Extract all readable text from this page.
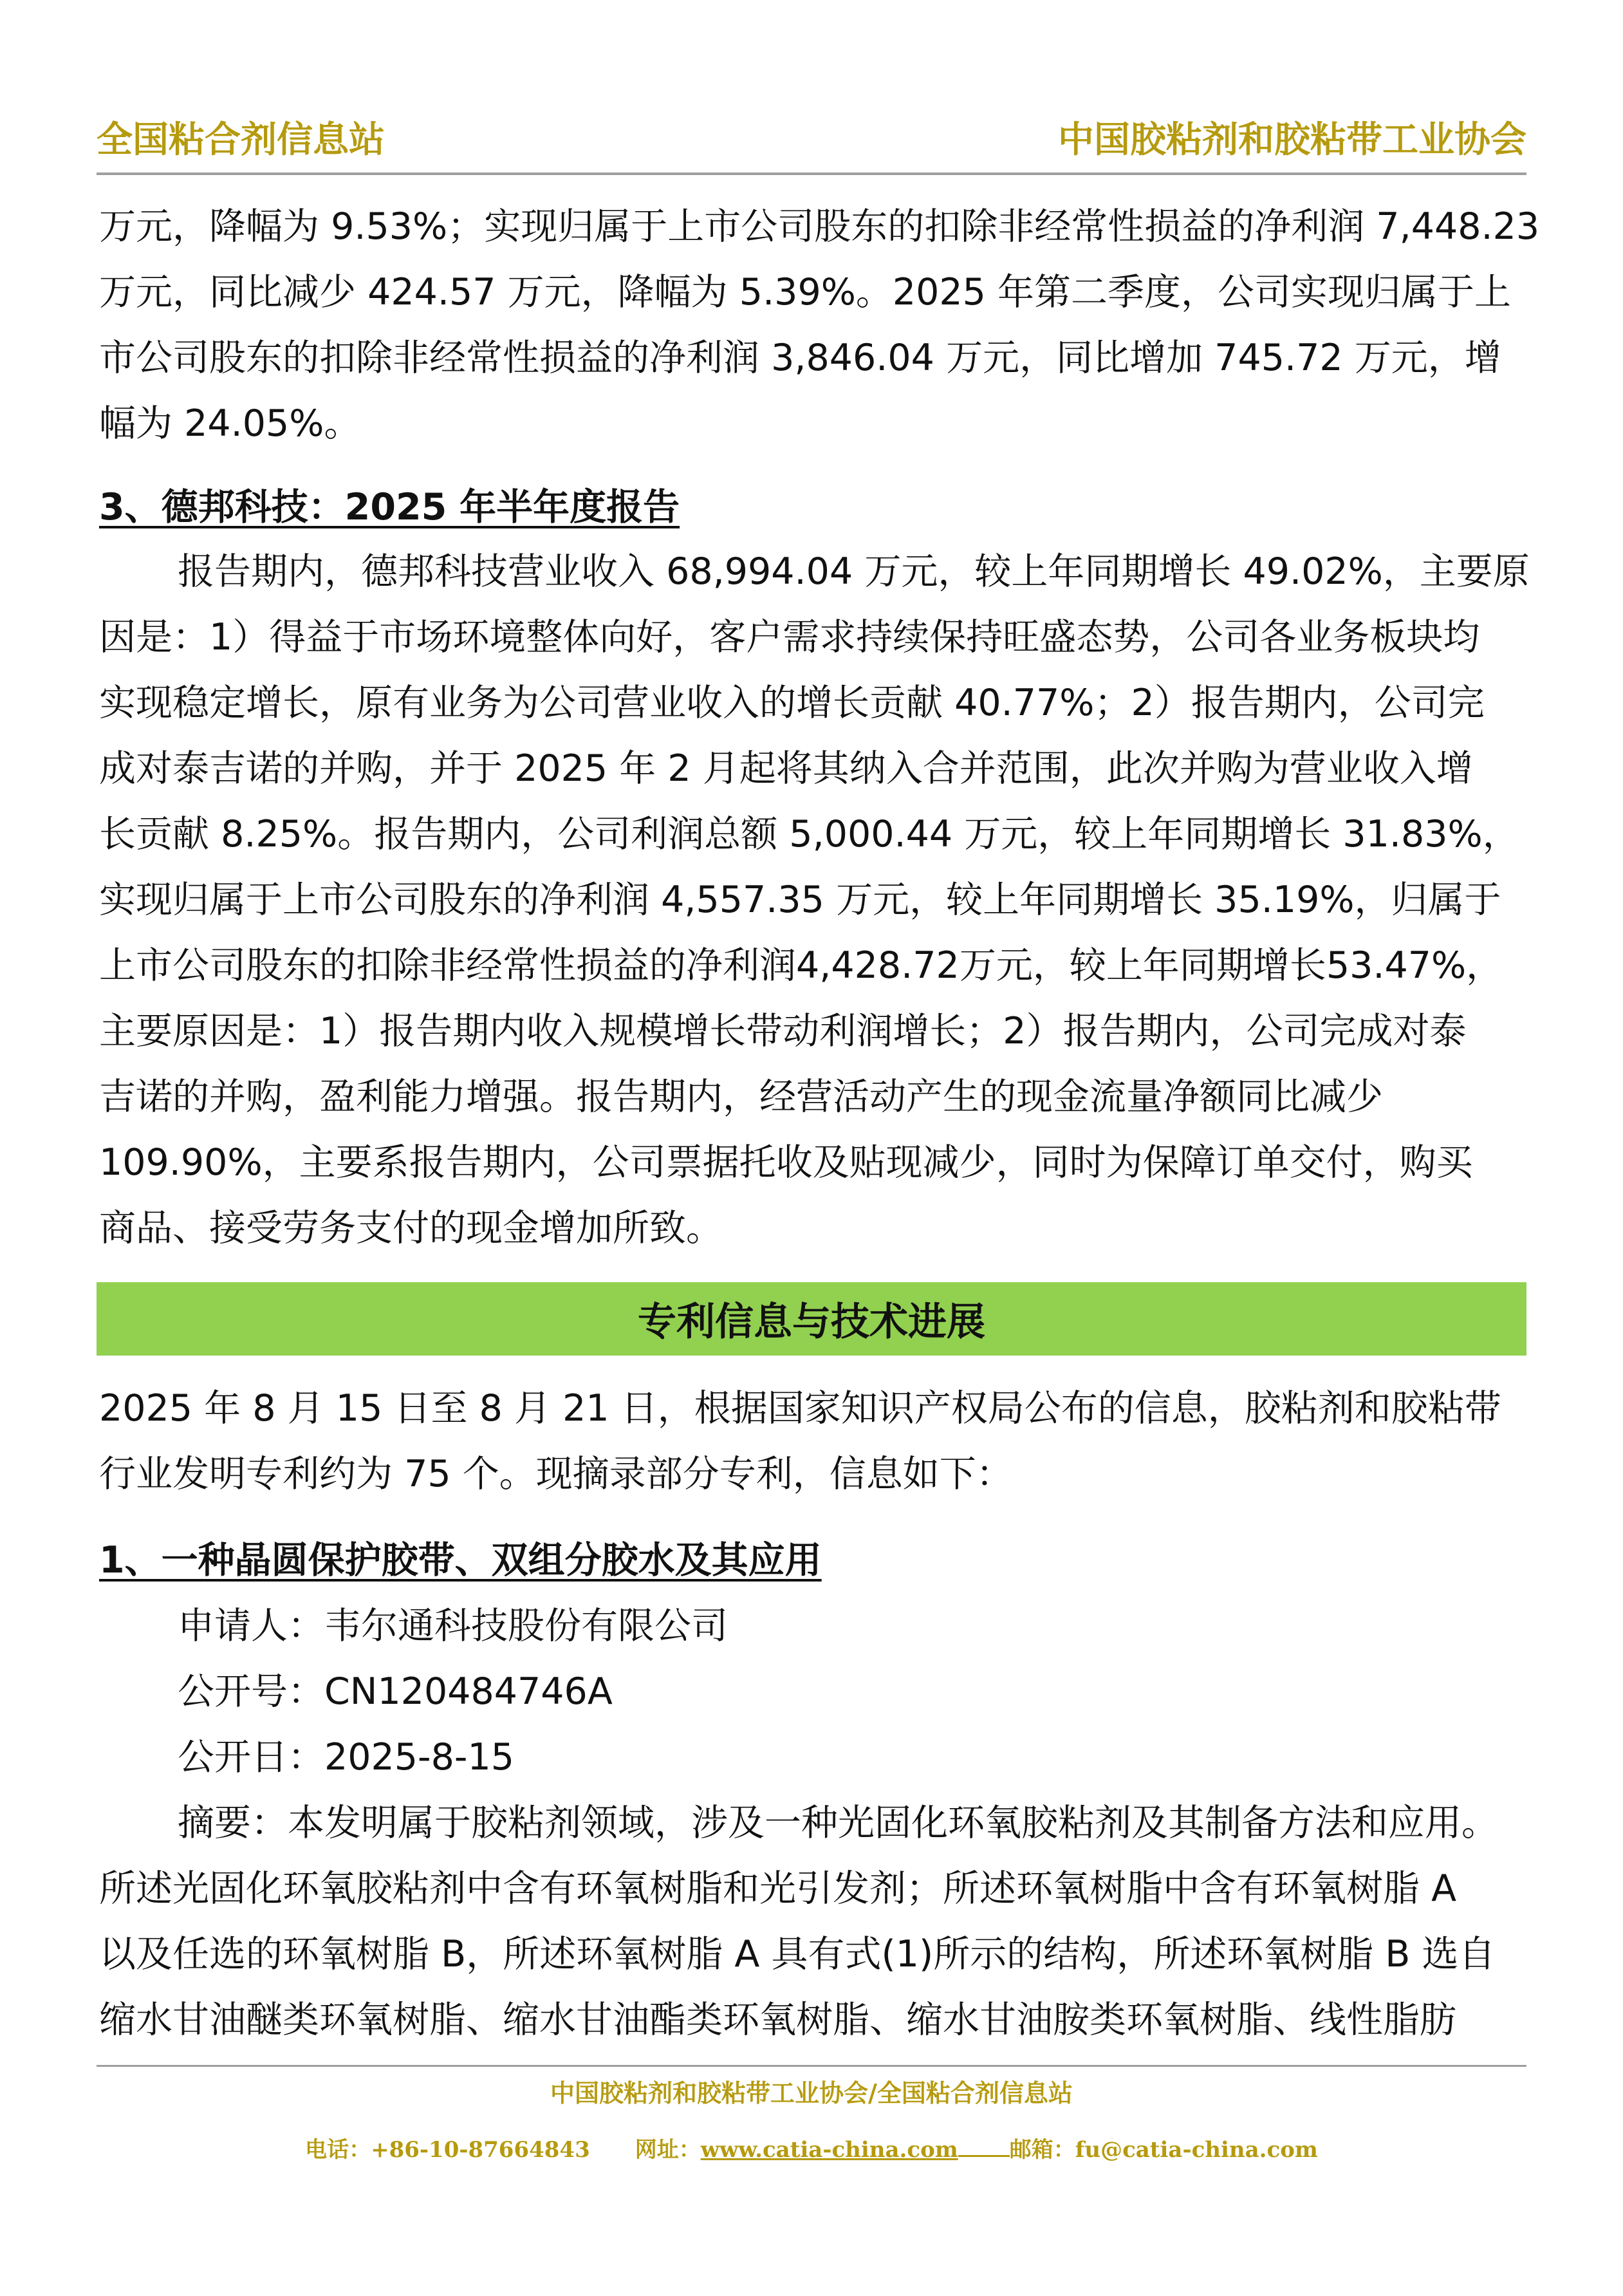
全国粘合剂信息站	中国胶粘剂和胶粘带工业协会
万元，降幅为 9.53%；实现归属于上市公司股东的扣除非经常性损益的净利润 7,448.23
万元，同比减少 424.57 万元，降幅为 5.39%。2025 年第二季度，公司实现归属于上
市公司股东的扣除非经常性损益的净利润 3,846.04 万元，同比增加 745.72 万元，增
幅为 24.05%。
3、德邦科技：2025 年半年度报告
报告期内，德邦科技营业收入 68,994.04 万元，较上年同期增长 49.02%，主要原
因是：1）得益于市场环境整体向好，客户需求持续保持旺盛态势，公司各业务板块均
实现稳定增长，原有业务为公司营业收入的增长贡献 40.77%；2）报告期内，公司完
成对泰吉诺的并购，并于 2025 年 2 月起将其纳入合并范围，此次并购为营业收入增
长贡献 8.25%。报告期内，公司利润总额 5,000.44 万元，较上年同期增长 31.83%，
实现归属于上市公司股东的净利润 4,557.35 万元，较上年同期增长 35.19%，归属于
上市公司股东的扣除非经常性损益的净利润4,428.72万元，较上年同期增长53.47%，
主要原因是：1）报告期内收入规模增长带动利润增长；2）报告期内，公司完成对泰
吉诺的并购，盈利能力增强。报告期内，经营活动产生的现金流量净额同比减少
109.90%，主要系报告期内，公司票据托收及贴现减少，同时为保障订单交付，购买
商品、接受劳务支付的现金增加所致。
专利信息与技术进展
2025 年 8 月 15 日至 8 月 21 日，根据国家知识产权局公布的信息，胶粘剂和胶粘带
行业发明专利约为 75 个。现摘录部分专利，信息如下：
1、一种晶圆保护胶带、双组分胶水及其应用
申请人：韦尔通科技股份有限公司
公开号：CN120484746A
公开日：2025-8-15
摘要：本发明属于胶粘剂领域，涉及一种光固化环氧胶粘剂及其制备方法和应用。
所述光固化环氧胶粘剂中含有环氧树脂和光引发剂；所述环氧树脂中含有环氧树脂 A
以及任选的环氧树脂 B，所述环氧树脂 A 具有式(1)所示的结构，所述环氧树脂 B 选自
缩水甘油醚类环氧树脂、缩水甘油酯类环氧树脂、缩水甘油胺类环氧树脂、线性脂肪
中国胶粘剂和胶粘带工业协会/全国粘合剂信息站
电话：+86-10-87664843 网址：www.catia-china.com 邮箱：fu@catia-china.com
